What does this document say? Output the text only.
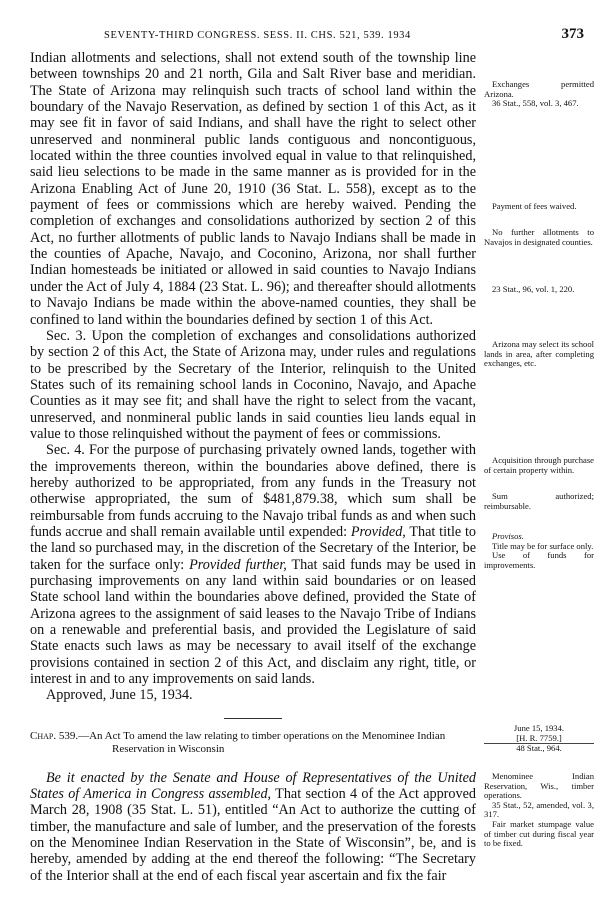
SEVENTY-THIRD CONGRESS. SESS. II. CHS. 521, 539. 1934	373

Indian allotments and selections, shall not extend south of the township line between townships 20 and 21 north, Gila and Salt River base and meridian. The State of Arizona may relinquish such tracts of school land within the boundary of the Navajo Reservation, as defined by section 1 of this Act, as it may see fit in favor of said Indians, and shall have the right to select other unreserved and nonmineral public lands contiguous and noncontiguous, located within the three counties involved equal in value to that relinquished, said lieu selections to be made in the same manner as is provided for in the Arizona Enabling Act of June 20, 1910 (36 Stat. L. 558), except as to the payment of fees or commissions which are hereby waived. Pending the completion of exchanges and consolidations authorized by section 2 of this Act, no further allotments of public lands to Navajo Indians shall be made in the counties of Apache, Navajo, and Coconino, Arizona, nor shall further Indian homesteads be initiated or allowed in said counties to Navajo Indians under the Act of July 4, 1884 (23 Stat. L. 96); and thereafter should allotments to Navajo Indians be made within the above-named counties, they shall be confined to land within the boundaries defined by section 1 of this Act.

Sec. 3. Upon the completion of exchanges and consolidations authorized by section 2 of this Act, the State of Arizona may, under rules and regulations to be prescribed by the Secretary of the Interior, relinquish to the United States such of its remaining school lands in Coconino, Navajo, and Apache Counties as it may see fit; and shall have the right to select from the vacant, unreserved, and nonmineral public lands in said counties lieu lands equal in value to those relinquished without the payment of fees or commissions.

Sec. 4. For the purpose of purchasing privately owned lands, together with the improvements thereon, within the boundaries above defined, there is hereby authorized to be appropriated, from any funds in the Treasury not otherwise appropriated, the sum of $481,879.38, which sum shall be reimbursable from funds accruing to the Navajo tribal funds as and when such funds accrue and shall remain available until expended: Provided, That title to the land so purchased may, in the discretion of the Secretary of the Interior, be taken for the surface only: Provided further, That said funds may be used in purchasing improvements on any land within said boundaries or on leased State school land within the boundaries above defined, provided the State of Arizona agrees to the assignment of said leases to the Navajo Tribe of Indians on a renewable and preferential basis, and provided the Legislature of said State enacts such laws as may be necessary to avail itself of the exchange provisions contained in section 2 of this Act, and disclaim any right, title, or interest in and to any improvements on said lands.

Approved, June 15, 1934.

Chap. 539.—An Act To amend the law relating to timber operations on the Menominee Indian Reservation in Wisconsin

Be it enacted by the Senate and House of Representatives of the United States of America in Congress assembled, That section 4 of the Act approved March 28, 1908 (35 Stat. L. 51), entitled “An Act to authorize the cutting of timber, the manufacture and sale of lumber, and the preservation of the forests on the Menominee Indian Reservation in the State of Wisconsin”, be, and is hereby, amended by adding at the end thereof the following: “The Secretary of the Interior shall at the end of each fiscal year ascertain and fix the fair

Exchanges permitted Arizona.
36 Stat., 558, vol. 3, 467.
Payment of fees waived.
No further allotments to Navajos in designated counties.
23 Stat., 96, vol. 1, 220.
Arizona may select its school lands in area, after completing exchanges, etc.
Acquisition through purchase of certain property within.
Sum authorized; reimbursable.
Provisos.
Title may be for surface only.
Use of funds for improvements.
June 15, 1934.
[H. R. 7759.]
48 Stat., 964.
Menominee Indian Reservation, Wis., timber operations.
35 Stat., 52, amended, vol. 3, 317.
Fair market stumpage value of timber cut during fiscal year to be fixed.
